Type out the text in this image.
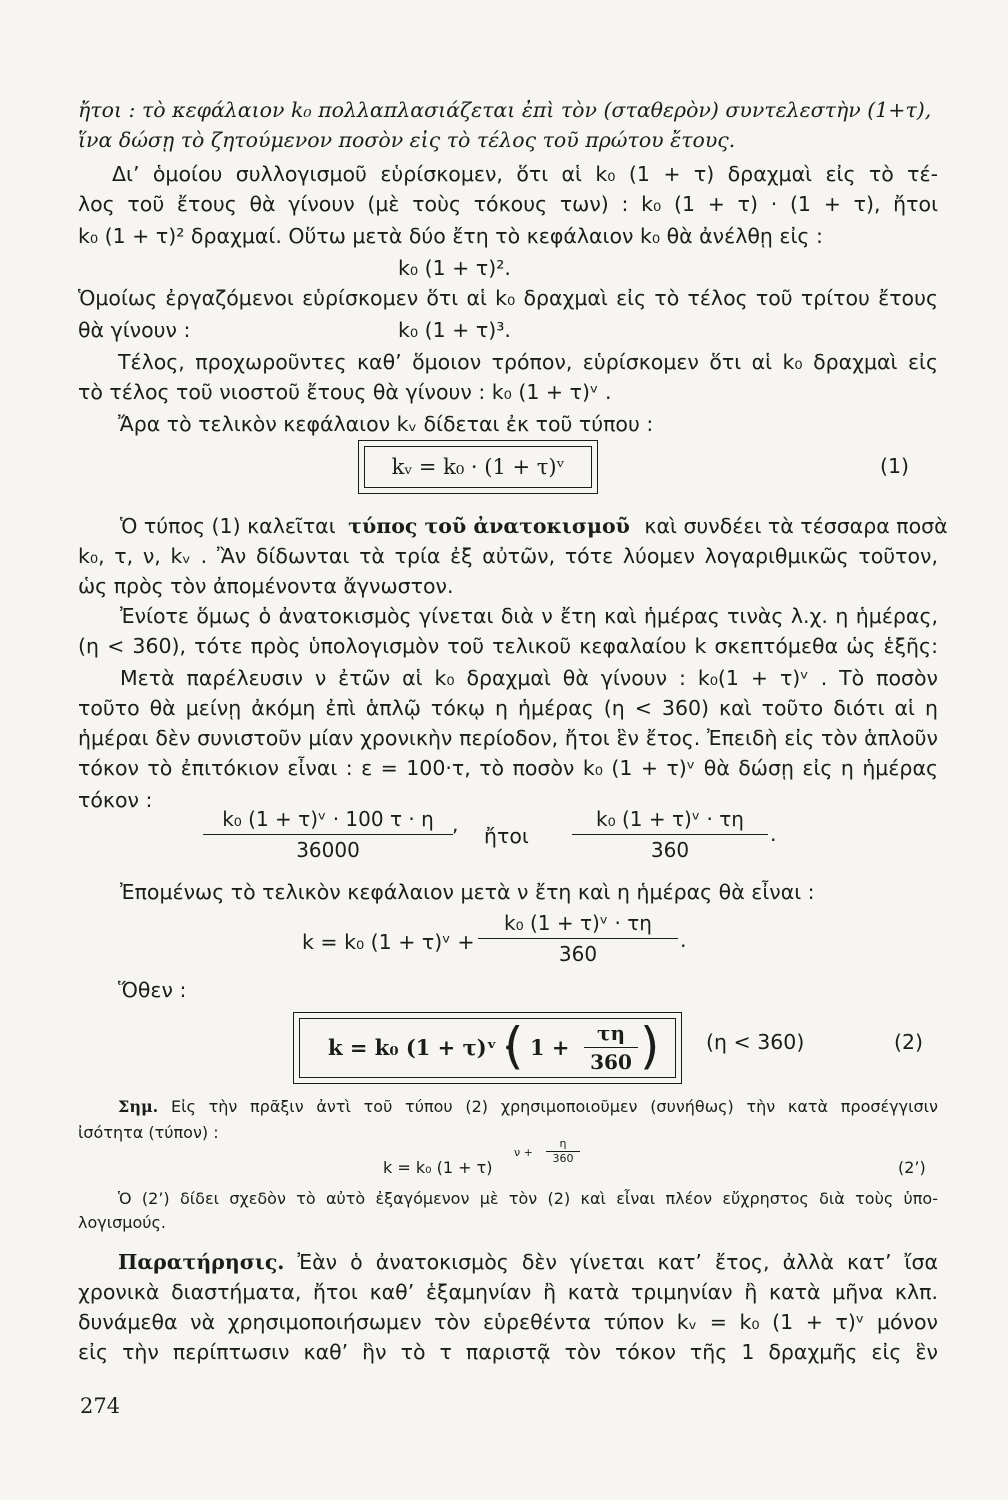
ἤτοι : τὸ κεφάλαιον k₀ πολλαπλασιάζεται ἐπὶ τὸν (σταθερὸν) συντελεστὴν (1+τ),
ἵνα δώσῃ τὸ ζητούμενον ποσὸν εἰς τὸ τέλος τοῦ πρώτου ἔτους.
Δι’ ὁμοίου συλλογισμοῦ εὑρίσκομεν, ὅτι αἱ k₀ (1 + τ) δραχμαὶ εἰς τὸ τέ-
λος τοῦ ἔτους θὰ γίνουν (μὲ τοὺς τόκους των) : k₀ (1 + τ) · (1 + τ), ἤτοι
k₀ (1 + τ)² δραχμαί. Οὕτω μετὰ δύο ἔτη τὸ κεφάλαιον k₀ θὰ ἀνέλθῃ εἰς :
k₀ (1 + τ)².
Ὁμοίως ἐργαζόμενοι εὑρίσκομεν ὅτι αἱ k₀ δραχμαὶ εἰς τὸ τέλος τοῦ τρίτου ἔτους
θὰ γίνουν :	k₀ (1 + τ)³.
Τέλος, προχωροῦντες καθ’ ὅμοιον τρόπον, εὑρίσκομεν ὅτι αἱ k₀ δραχμαὶ εἰς
τὸ τέλος τοῦ νιοστοῦ ἔτους θὰ γίνουν : k₀ (1 + τ)ᵛ .
Ἄρα τὸ τελικὸν κεφάλαιον kᵥ δίδεται ἐκ τοῦ τύπου :
kᵥ = k₀ · (1 + τ)ᵛ	(1)
Ὁ τύπος (1) καλεῖται τύπος τοῦ ἀνατοκισμοῦ καὶ συνδέει τὰ τέσσαρα ποσὰ
k₀, τ, ν, kᵥ . Ἂν δίδωνται τὰ τρία ἐξ αὐτῶν, τότε λύομεν λογαριθμικῶς τοῦτον,
ὡς πρὸς τὸν ἀπομένοντα ἄγνωστον.
Ἐνίοτε ὅμως ὁ ἀνατοκισμὸς γίνεται διὰ ν ἔτη καὶ ἡμέρας τινὰς λ.χ. η ἡμέρας,
(η < 360), τότε πρὸς ὑπολογισμὸν τοῦ τελικοῦ κεφαλαίου k σκεπτόμεθα ὡς ἑξῆς:
Μετὰ παρέλευσιν ν ἐτῶν αἱ k₀ δραχμαὶ θὰ γίνουν : k₀(1 + τ)ᵛ . Τὸ ποσὸν
τοῦτο θὰ μείνῃ ἀκόμη ἐπὶ ἁπλῷ τόκῳ η ἡμέρας (η < 360) καὶ τοῦτο διότι αἱ η
ἡμέραι δὲν συνιστοῦν μίαν χρονικὴν περίοδον, ἤτοι ἓν ἔτος. Ἐπειδὴ εἰς τὸν ἁπλοῦν
τόκον τὸ ἐπιτόκιον εἶναι : ε = 100·τ, τὸ ποσὸν k₀ (1 + τ)ᵛ θὰ δώσῃ εἰς η ἡμέρας
τόκον :
$\frac{\text{k₀ (1 + τ)ᵛ · 100 τ · η}}{36000}$ , ἤτοι $\frac{\text{k₀ (1 + τ)ᵛ · τη}}{360}$ .
Ἐπομένως τὸ τελικὸν κεφάλαιον μετὰ ν ἔτη καὶ η ἡμέρας θὰ εἶναι :
k = k₀ (1 + τ)ᵛ + $\frac{\text{k₀ (1 + τ)ᵛ · τη}}{360}$ .
Ὅθεν :
k = k₀ (1 + τ)ᵛ ·
( $1 + \frac{\tau\eta}{360}$ ) (η < 360)	(2)
Σημ. Εἰς τὴν πρᾶξιν ἀντὶ τοῦ τύπου (2) χρησιμοποιοῦμεν (συνήθως) τὴν κατὰ προσέγγισιν
ἰσότητα (τύπον) :
k = k₀ (1 + τ)
$\nu + \frac{\eta}{360}$
(2’)
Ὁ (2’) δίδει σχεδὸν τὸ αὐτὸ ἐξαγόμενον μὲ τὸν (2) καὶ εἶναι πλέον εὔχρηστος διὰ τοὺς ὑπο-
λογισμούς.
Παρατήρησις. Ἐὰν ὁ ἀνατοκισμὸς δὲν γίνεται κατ’ ἔτος, ἀλλὰ κατ’ ἴσα
χρονικὰ διαστήματα, ἤτοι καθ’ ἑξαμηνίαν ἢ κατὰ τριμηνίαν ἢ κατὰ μῆνα κλπ.
δυνάμεθα νὰ χρησιμοποιήσωμεν τὸν εὑρεθέντα τύπον kᵥ = k₀ (1 + τ)ᵛ μόνον
εἰς τὴν περίπτωσιν καθ’ ἣν τὸ τ παριστᾷ τὸν τόκον τῆς 1 δραχμῆς εἰς ἓν
274
